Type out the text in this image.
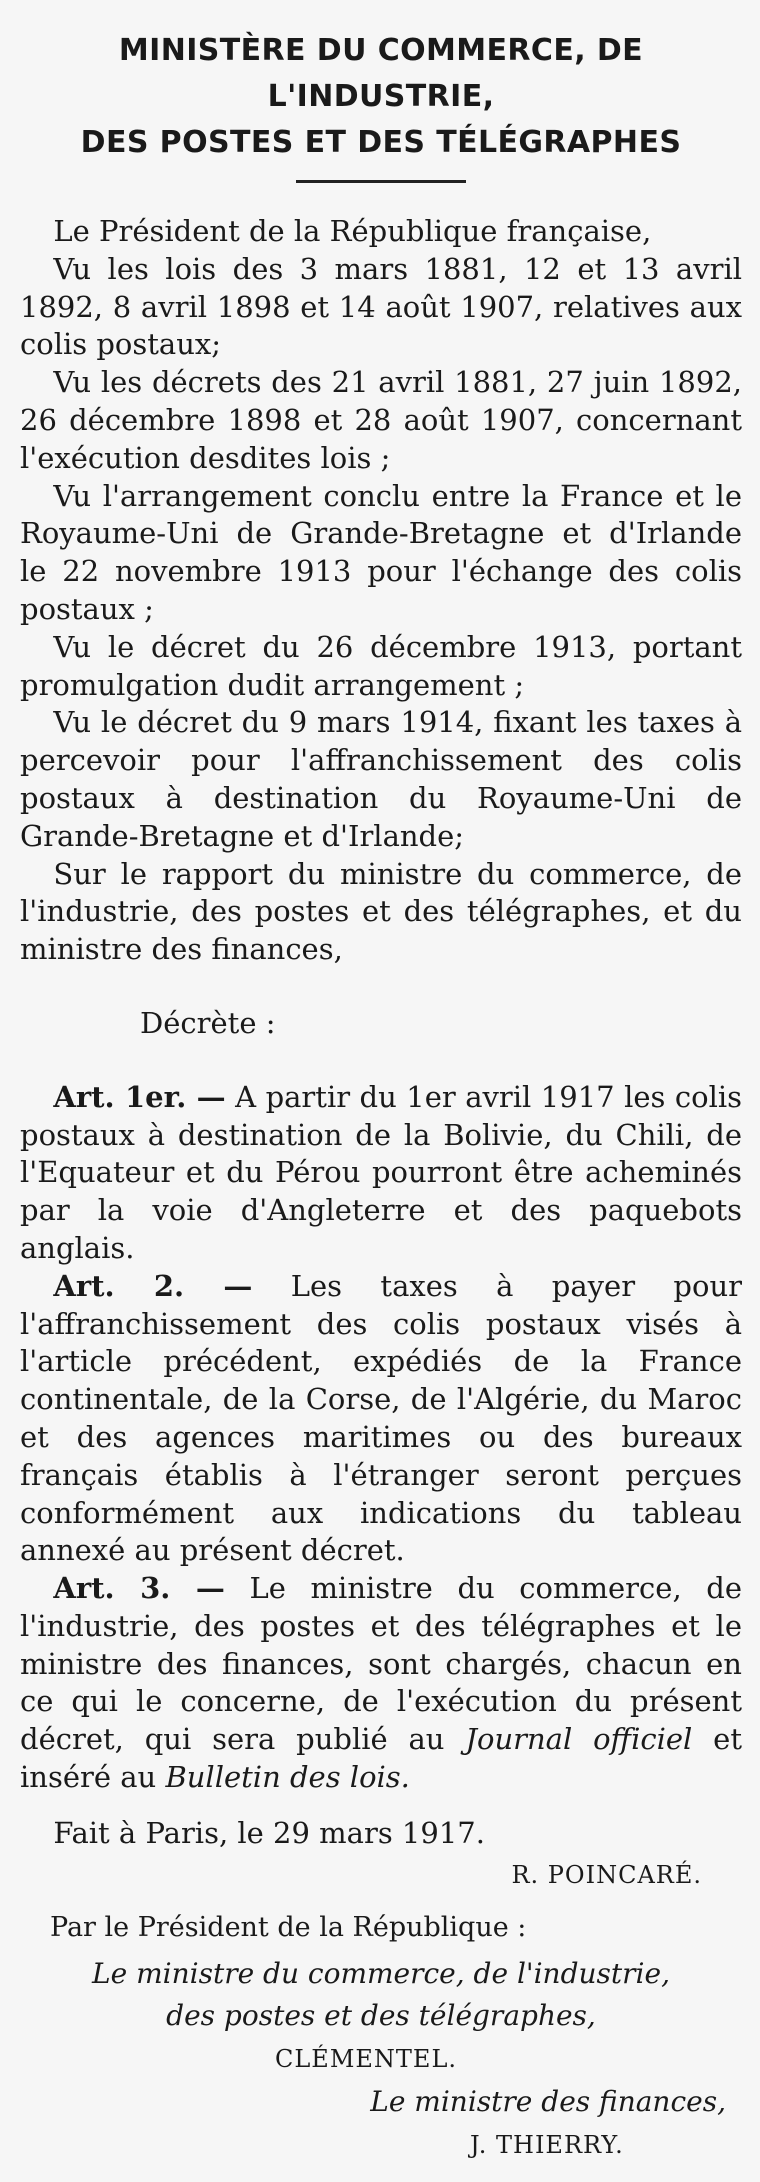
MINISTÈRE DU COMMERCE, DE L'INDUSTRIE,
DES POSTES ET DES TÉLÉGRAPHES

Le Président de la République française,

Vu les lois des 3 mars 1881, 12 et 13 avril 1892, 8 avril 1898 et 14 août 1907, relatives aux colis postaux;

Vu les décrets des 21 avril 1881, 27 juin 1892, 26 décembre 1898 et 28 août 1907, concernant l'exécution desdites lois ;

Vu l'arrangement conclu entre la France et le Royaume-Uni de Grande-Bretagne et d'Irlande le 22 novembre 1913 pour l'échange des colis postaux ;

Vu le décret du 26 décembre 1913, portant promulgation dudit arrangement ;

Vu le décret du 9 mars 1914, fixant les taxes à percevoir pour l'affranchissement des colis postaux à destination du Royaume-Uni de Grande-Bretagne et d'Irlande;

Sur le rapport du ministre du commerce, de l'industrie, des postes et des télégraphes, et du ministre des finances,

Décrète :

Art. 1er. — A partir du 1er avril 1917 les colis postaux à destination de la Bolivie, du Chili, de l'Equateur et du Pérou pourront être acheminés par la voie d'Angleterre et des paquebots anglais.

Art. 2. — Les taxes à payer pour l'affranchissement des colis postaux visés à l'article précédent, expédiés de la France continentale, de la Corse, de l'Algérie, du Maroc et des agences maritimes ou des bureaux français établis à l'étranger seront perçues conformément aux indications du tableau annexé au présent décret.

Art. 3. — Le ministre du commerce, de l'industrie, des postes et des télégraphes et le ministre des finances, sont chargés, chacun en ce qui le concerne, de l'exécution du présent décret, qui sera publié au Journal officiel et inséré au Bulletin des lois.

Fait à Paris, le 29 mars 1917.

R. POINCARÉ.
Par le Président de la République :
Le ministre du commerce, de l'industrie,
des postes et des télégraphes,
CLÉMENTEL.
Le ministre des finances,
J. THIERRY.
